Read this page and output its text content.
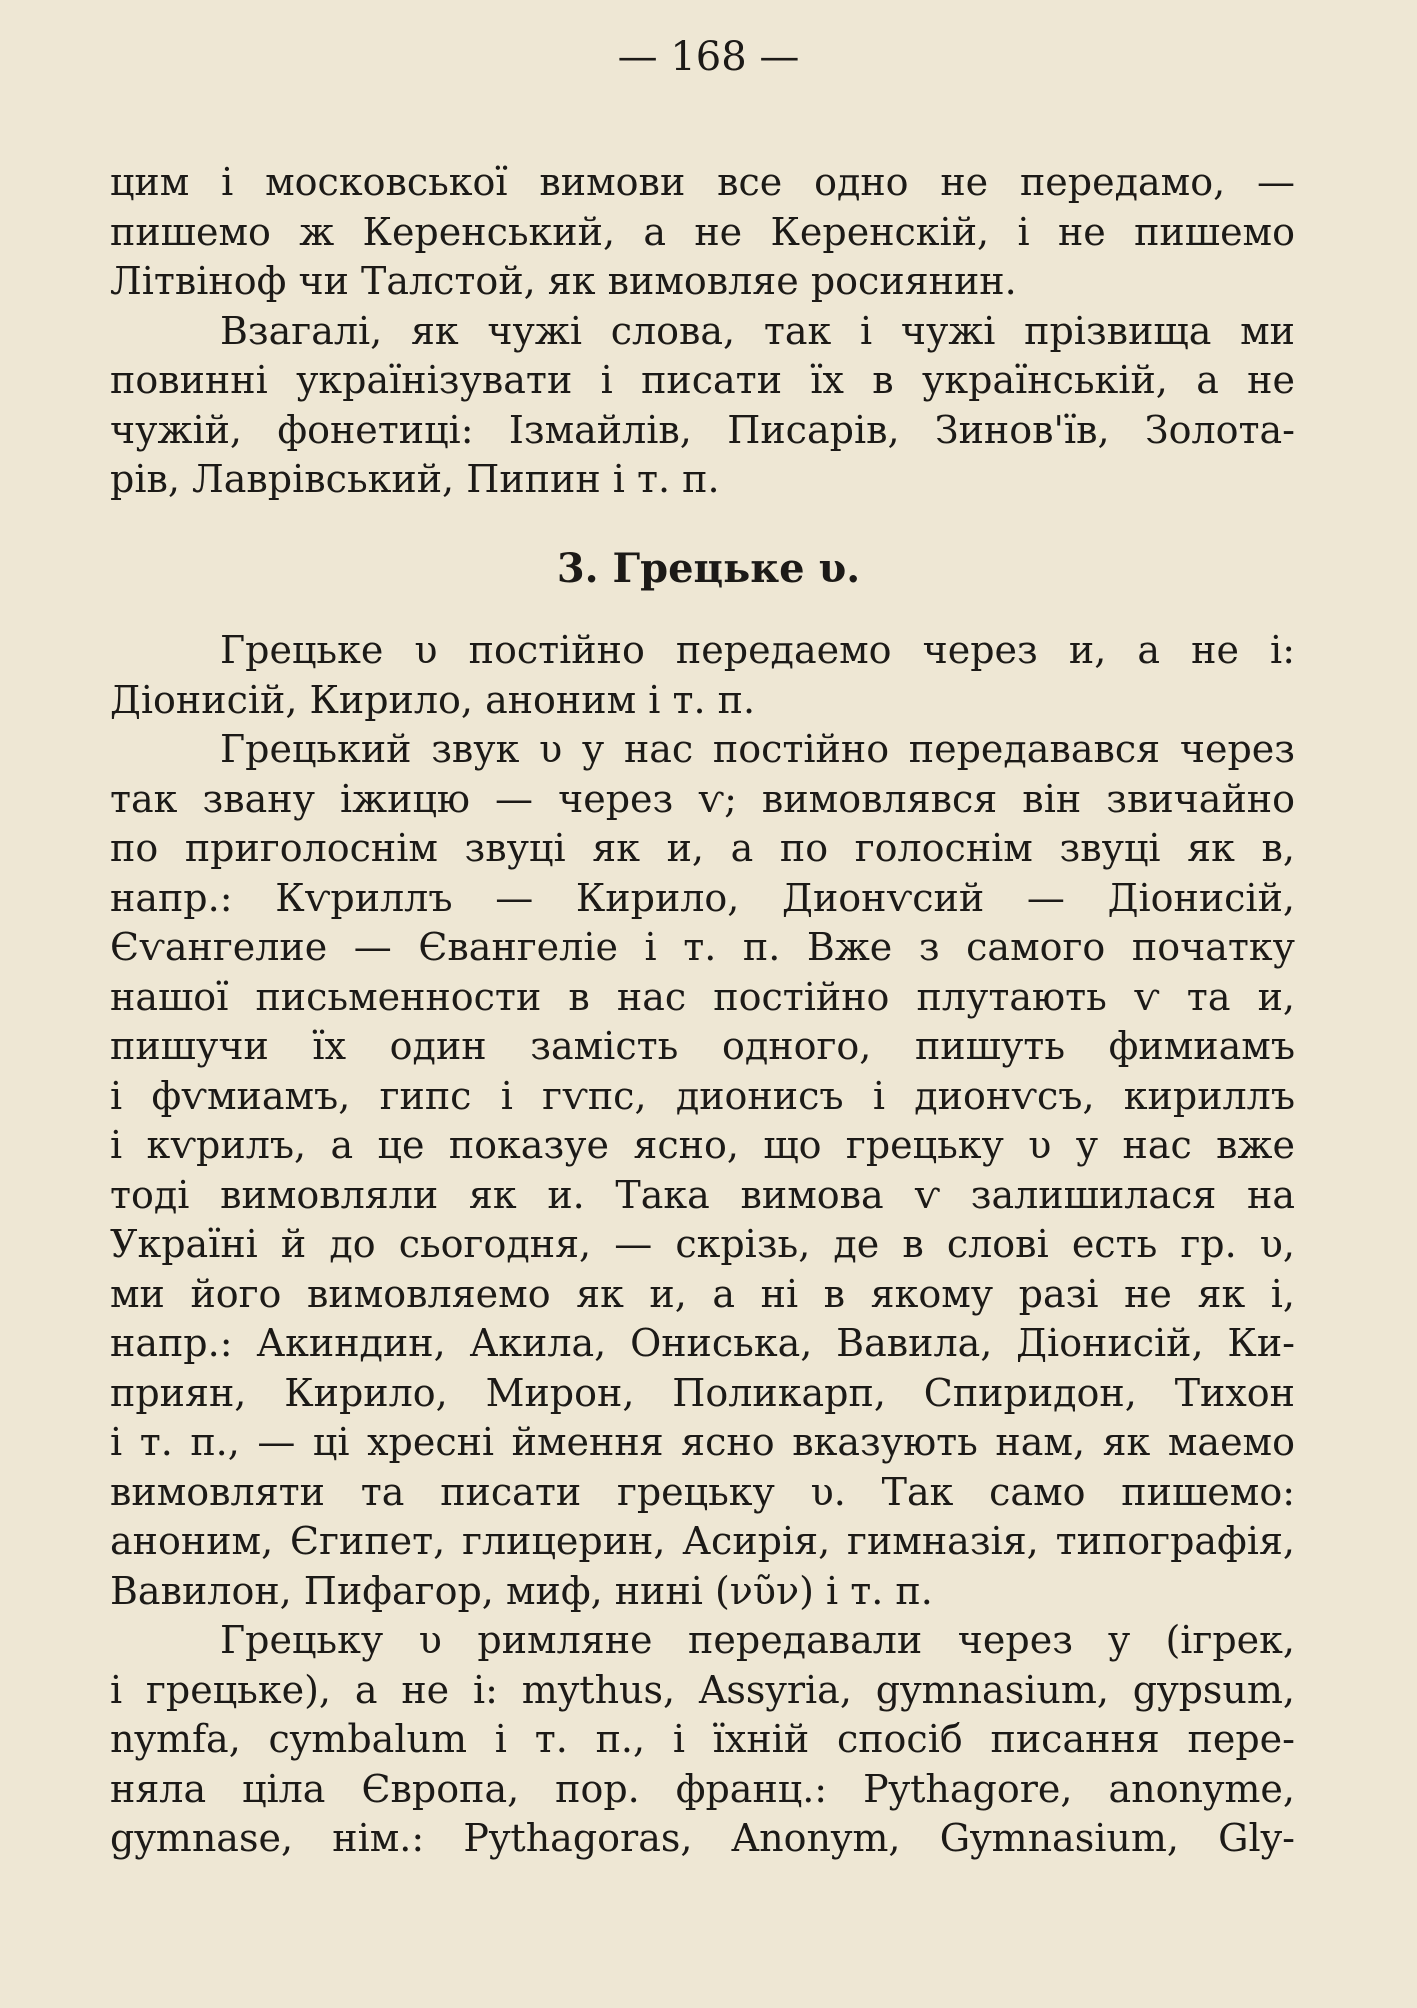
— 168 —
цим і московської вимови все одно не передамо, —
пишемо ж Керенський, а не Керенскій, і не пишемо
Літвіноф чи Талстой, як вимовляе росиянин.
Взагалі, як чужі слова, так і чужі прізвища ми
повинні українізувати і писати їх в українській, а не
чужій, фонетиці: Ізмайлів, Писарів, Зинов'їв, Золота-
рів, Лаврівський, Пипин і т. п.
3. Грецьке υ.
Грецьке υ постійно передаемо через и, а не і:
Діонисій, Кирило, аноним і т. п.
Грецький звук υ у нас постійно передавався через
так звану іжицю — через ѵ; вимовлявся він звичайно
по приголоснім звуці як и, а по голоснім звуці як в,
напр.: Кѵриллъ — Кирило, Дионѵсий — Діонисій,
Єѵангелие — Євангеліе і т. п. Вже з самого початку
нашої письменности в нас постійно плутають ѵ та и,
пишучи їх один замість одного, пишуть фимиамъ
і фѵмиамъ, гипс і гѵпс, дионисъ і дионѵсъ, кириллъ
і кѵрилъ, а це показуе ясно, що грецьку υ у нас вже
тоді вимовляли як и. Така вимова ѵ залишилася на
Україні й до сьогодня, — скрізь, де в слові есть гр. υ,
ми його вимовляемо як и, а ні в якому разі не як і,
напр.: Акиндин, Акила, Ониська, Вавила, Діонисій, Ки-
приян, Кирило, Мирон, Поликарп, Спиридон, Тихон
і т. п., — ці хресні ймення ясно вказують нам, як маемо
вимовляти та писати грецьку υ. Так само пишемо:
аноним, Єгипет, глицерин, Асирія, гимназія, типографія,
Вавилон, Пифагор, миф, нині (νῦν) і т. п.
Грецьку υ римляне передавали через y (ігрек,
і грецьке), а не і: mythus, Assyria, gymnasium, gypsum,
nymfa, cymbalum і т. п., і їхній спосіб писання пере-
няла ціла Європа, пор. франц.: Pythagore, anonyme,
gymnase, нім.: Pythagoras, Anonym, Gymnasium, Gly-
